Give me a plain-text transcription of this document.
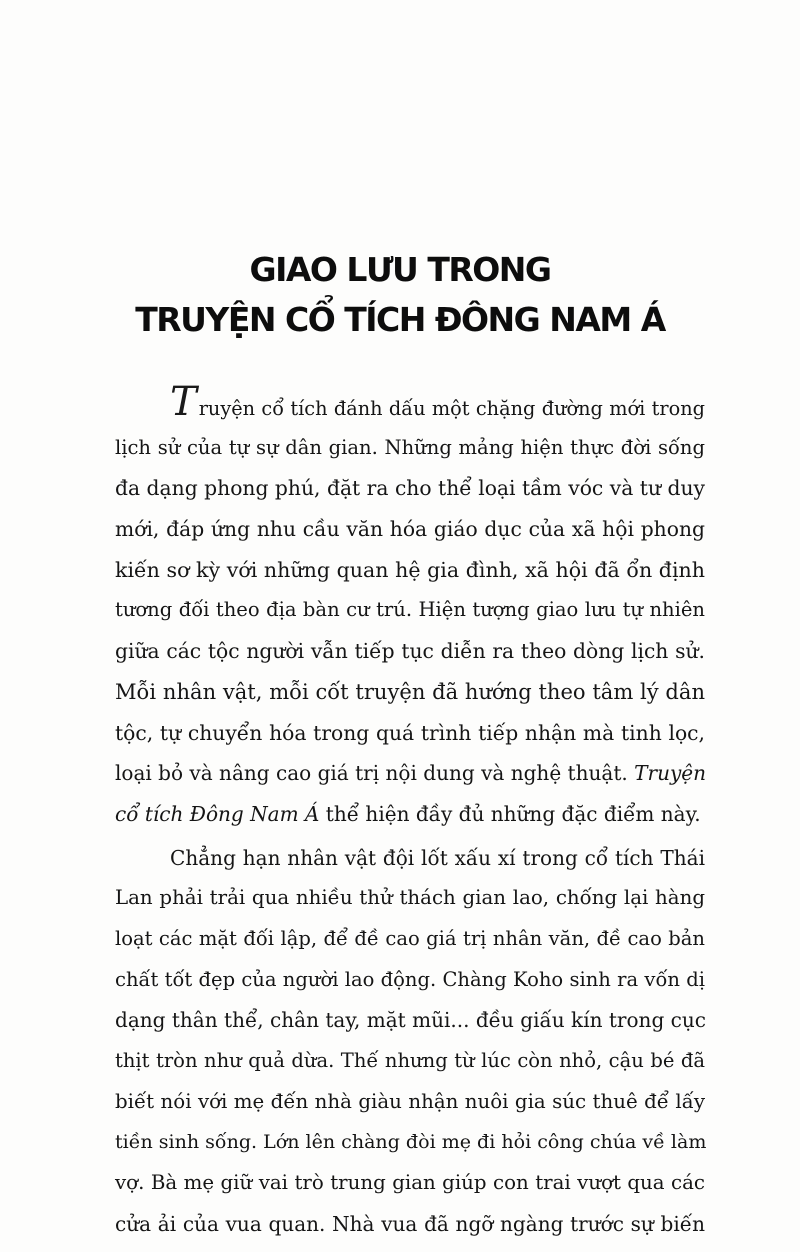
GIAO LƯU TRONG
TRUYỆN CỔ TÍCH ĐÔNG NAM Á
Truyện cổ tích đánh dấu một chặng đường mới trong
lịch sử của tự sự dân gian. Những mảng hiện thực đời sống
đa dạng phong phú, đặt ra cho thể loại tầm vóc và tư duy
mới, đáp ứng nhu cầu văn hóa giáo dục của xã hội phong
kiến sơ kỳ với những quan hệ gia đình, xã hội đã ổn định
tương đối theo địa bàn cư trú. Hiện tượng giao lưu tự nhiên
giữa các tộc người vẫn tiếp tục diễn ra theo dòng lịch sử.
Mỗi nhân vật, mỗi cốt truyện đã hướng theo tâm lý dân
tộc, tự chuyển hóa trong quá trình tiếp nhận mà tinh lọc,
loại bỏ và nâng cao giá trị nội dung và nghệ thuật. Truyện
cổ tích Đông Nam Á thể hiện đầy đủ những đặc điểm này.
Chẳng hạn nhân vật đội lốt xấu xí trong cổ tích Thái
Lan phải trải qua nhiều thử thách gian lao, chống lại hàng
loạt các mặt đối lập, để đề cao giá trị nhân văn, đề cao bản
chất tốt đẹp của người lao động. Chàng Koho sinh ra vốn dị
dạng thân thể, chân tay, mặt mũi... đều giấu kín trong cục
thịt tròn như quả dừa. Thế nhưng từ lúc còn nhỏ, cậu bé đã
biết nói với mẹ đến nhà giàu nhận nuôi gia súc thuê để lấy
tiền sinh sống. Lớn lên chàng đòi mẹ đi hỏi công chúa về làm
vợ. Bà mẹ giữ vai trò trung gian giúp con trai vượt qua các
cửa ải của vua quan. Nhà vua đã ngỡ ngàng trước sự biến
